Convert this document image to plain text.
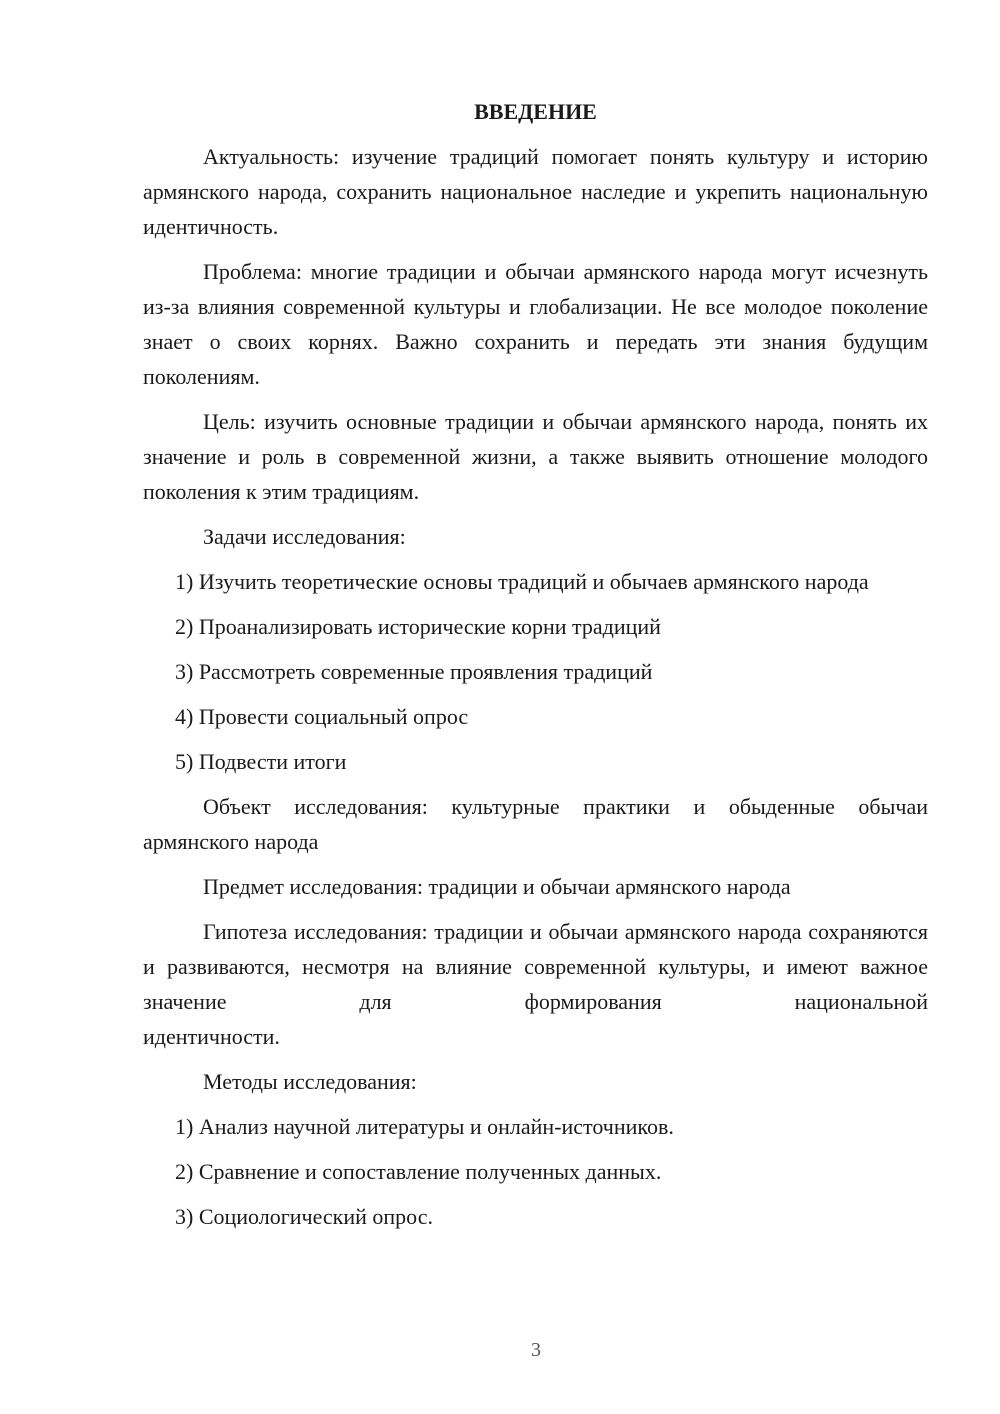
ВВЕДЕНИЕ

Актуальность: изучение традиций помогает понять культуру и историю армянского народа, сохранить национальное наследие и укрепить национальную идентичность.

Проблема: многие традиции и обычаи армянского народа могут исчезнуть из-за влияния современной культуры и глобализации. Не все молодое поколение знает о своих корнях. Важно сохранить и передать эти знания будущим поколениям.

Цель: изучить основные традиции и обычаи армянского народа, понять их значение и роль в современной жизни, а также выявить отношение молодого поколения к этим традициям.

Задачи исследования:

1) Изучить теоретические основы традиций и обычаев армянского народа

2) Проанализировать исторические корни традиций

3) Рассмотреть современные проявления традиций

4) Провести социальный опрос

5) Подвести итоги

Объект исследования: культурные практики и обыденные обычаи армянского народа

Предмет исследования: традиции и обычаи армянского народа

Гипотеза исследования: традиции и обычаи армянского народа сохраняются и развиваются, несмотря на влияние современной культуры, и имеют важное значение для формирования национальной

идентичности.

Методы исследования:

1) Анализ научной литературы и онлайн-источников.

2) Сравнение и сопоставление полученных данных.

3) Социологический опрос.

3
